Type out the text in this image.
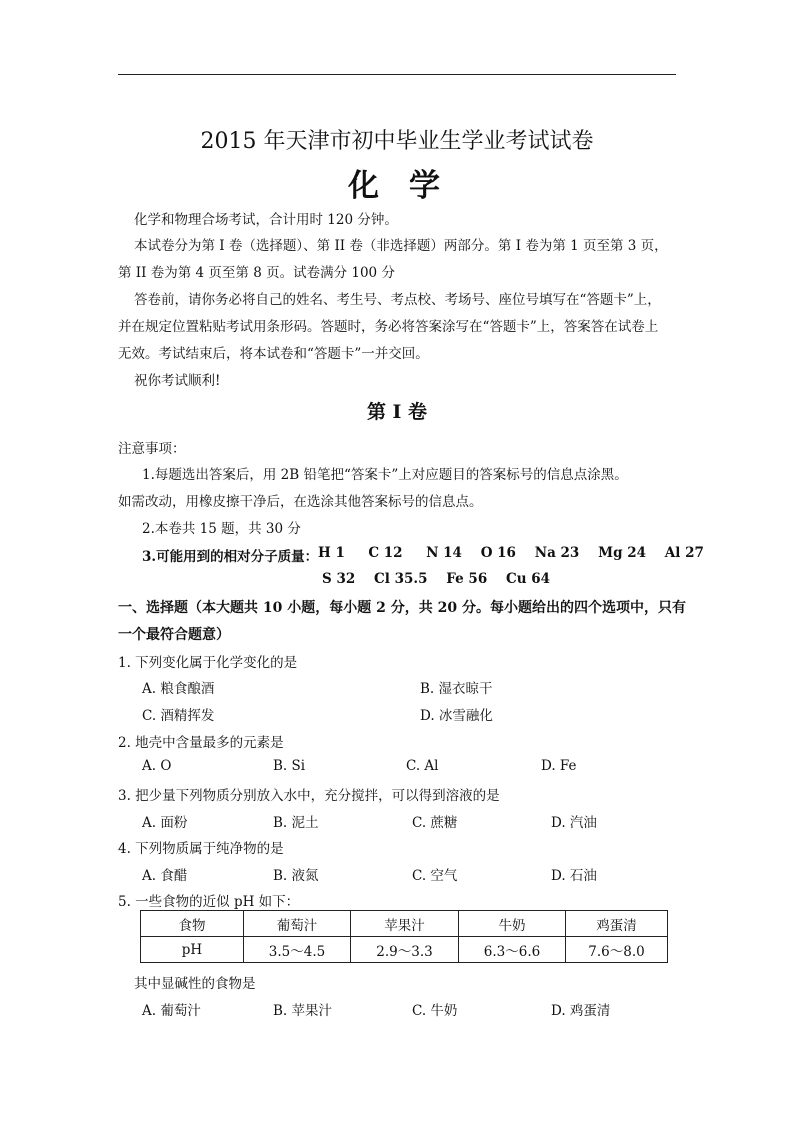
2015 年天津市初中毕业生学业考试试卷
化学
化学和物理合场考试，合计用时 120 分钟。
本试卷分为第 I 卷（选择题）、第 II 卷（非选择题）两部分。第 I 卷为第 1 页至第 3 页，
第 II 卷为第 4 页至第 8 页。试卷满分 100 分
答卷前，请你务必将自己的姓名、考生号、考点校、考场号、座位号填写在“答题卡”上，
并在规定位置粘贴考试用条形码。答题时，务必将答案涂写在“答题卡”上，答案答在试卷上
无效。考试结束后，将本试卷和“答题卡”一并交回。
祝你考试顺利!
第 I 卷
注意事项：
1.每题选出答案后，用 2B 铅笔把“答案卡”上对应题目的答案标号的信息点涂黑。
如需改动，用橡皮擦干净后，在选涂其他答案标号的信息点。
2.本卷共 15 题，共 30 分
3.可能用到的相对分子质量： H 1     C 12     N 14    O 16    Na 23    Mg 24    Al 27
S 32    Cl 35.5    Fe 56    Cu 64
一、选择题（本大题共 10 小题，每小题 2 分，共 20 分。每小题给出的四个选项中，只有
一个最符合题意）
1. 下列变化属于化学变化的是
A. 粮食酿酒	B. 湿衣晾干
C. 酒精挥发	D. 冰雪融化
2. 地壳中含量最多的元素是
A. O	B. Si	C. Al	D. Fe
3. 把少量下列物质分别放入水中，充分搅拌，可以得到溶液的是
A. 面粉	B. 泥土	C. 蔗糖	D. 汽油
4. 下列物质属于纯净物的是
A. 食醋	B. 液氮	C. 空气	D. 石油
5. 一些食物的近似 pH 如下：
食物	葡萄汁	苹果汁	牛奶	鸡蛋清
pH	3.5～4.5	2.9～3.3	6.3～6.6	7.6～8.0
其中显碱性的食物是
A. 葡萄汁	B. 苹果汁	C. 牛奶	D. 鸡蛋清
